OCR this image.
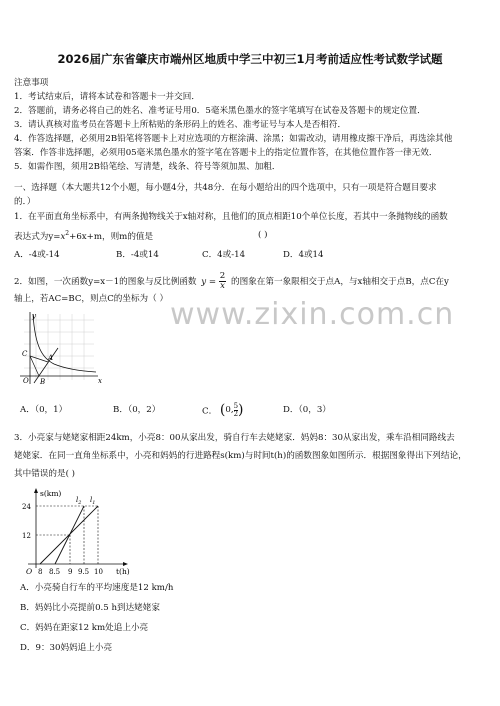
2026届广东省肇庆市端州区地质中学三中初三1月考前适应性考试数学试题
注意事项
1．考试结束后，请将本试卷和答题卡一并交回．
2．答题前，请务必将自己的姓名、准考证号用0．5毫米黑色墨水的签字笔填写在试卷及答题卡的规定位置．
3．请认真核对监考员在答题卡上所粘贴的条形码上的姓名、准考证号与本人是否相符．
4．作答选择题，必须用2B铅笔将答题卡上对应选项的方框涂满、涂黑；如需改动，请用橡皮擦干净后，再选涂其他
答案．作答非选择题，必须用05毫米黑色墨水的签字笔在答题卡上的指定位置作答，在其他位置作答一律无效．
5．如需作图，须用2B铅笔绘、写清楚，线条、符号等须加黑、加粗．
一、选择题（本大题共12个小题，每小题4分，共48分．在每小题给出的四个选项中，只有一项是符合题目要求
的．）
1．在平面直角坐标系中，有两条抛物线关于x轴对称，且他们的顶点相距10个单位长度，若其中一条抛物线的函数
表达式为$y=x^2+6x+m$，则m的值是	( )
A．-4或-14	B．-4或14	C．4或-14	D．4或14
2．如图，一次函数y=x－1的图象与反比例函数 $y = \frac{2}{x}$ 的图象在第一象限相交于点A，与x轴相交于点B，点C在y
轴上，若AC=BC，则点C的坐标为（ ）
y
x
C	A
O B
A．（0，1）	B．（0，2）	C． (0, $\frac{5}{2}$ )	D．（0，3）
www.zixin.com.cn
3．小亮家与姥姥家相距24km，小亮8：00从家出发，骑自行车去姥姥家．妈妈8：30从家出发，乘车沿相同路线去
姥姥家．在同一直角坐标系中，小亮和妈妈的行进路程s(km)与时间t(h)的函数图象如图所示．根据图象得出下列结论，
其中错误的是( )
s(km)
t(h)
O
24
12
$l_2$ $l_1$
8 8.5 9 9.5 10
A．小亮骑自行车的平均速度是12 km/h
B．妈妈比小亮提前0.5 h到达姥姥家
C．妈妈在距家12 km处追上小亮
D．9：30妈妈追上小亮
